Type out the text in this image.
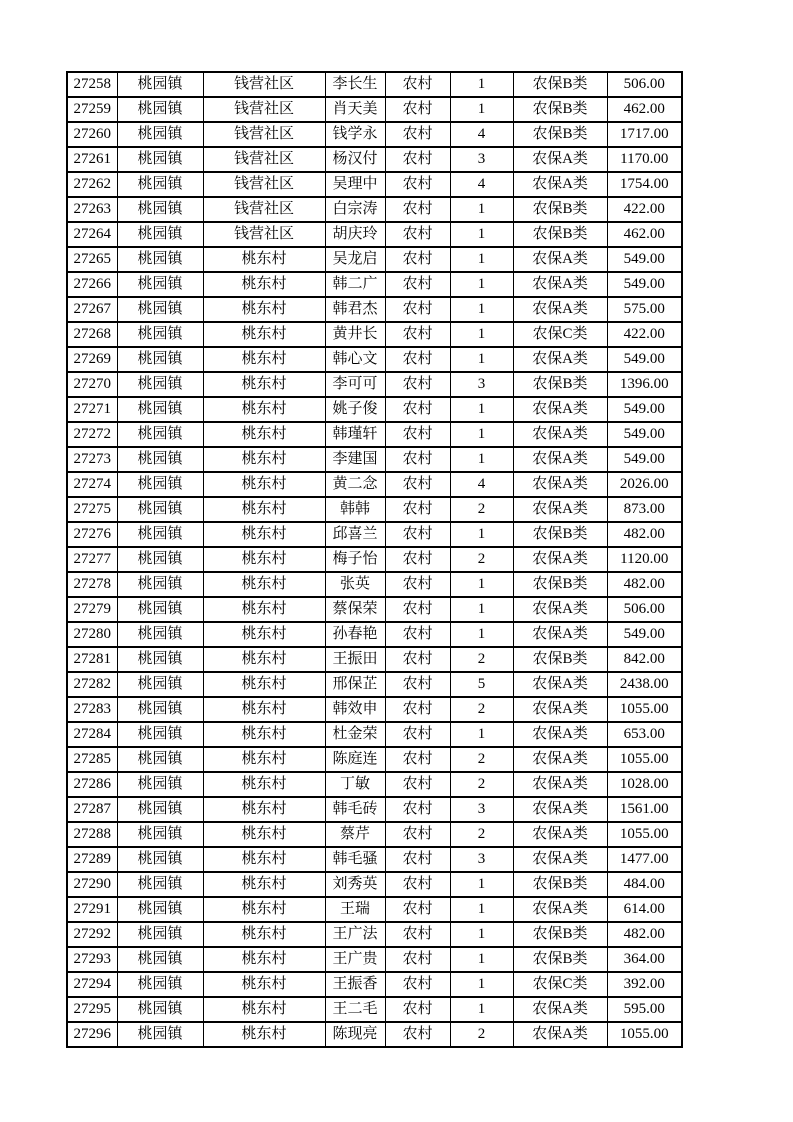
27258	桃园镇	钱营社区	李长生	农村	1	农保B类	506.00
27259	桃园镇	钱营社区	肖天美	农村	1	农保B类	462.00
27260	桃园镇	钱营社区	钱学永	农村	4	农保B类	1717.00
27261	桃园镇	钱营社区	杨汉付	农村	3	农保A类	1170.00
27262	桃园镇	钱营社区	吴理中	农村	4	农保A类	1754.00
27263	桃园镇	钱营社区	白宗涛	农村	1	农保B类	422.00
27264	桃园镇	钱营社区	胡庆玲	农村	1	农保B类	462.00
27265	桃园镇	桃东村	吴龙启	农村	1	农保A类	549.00
27266	桃园镇	桃东村	韩二广	农村	1	农保A类	549.00
27267	桃园镇	桃东村	韩君杰	农村	1	农保A类	575.00
27268	桃园镇	桃东村	黄井长	农村	1	农保C类	422.00
27269	桃园镇	桃东村	韩心文	农村	1	农保A类	549.00
27270	桃园镇	桃东村	李可可	农村	3	农保B类	1396.00
27271	桃园镇	桃东村	姚子俊	农村	1	农保A类	549.00
27272	桃园镇	桃东村	韩瑾轩	农村	1	农保A类	549.00
27273	桃园镇	桃东村	李建国	农村	1	农保A类	549.00
27274	桃园镇	桃东村	黄二念	农村	4	农保A类	2026.00
27275	桃园镇	桃东村	韩韩	农村	2	农保A类	873.00
27276	桃园镇	桃东村	邱喜兰	农村	1	农保B类	482.00
27277	桃园镇	桃东村	梅子怡	农村	2	农保A类	1120.00
27278	桃园镇	桃东村	张英	农村	1	农保B类	482.00
27279	桃园镇	桃东村	蔡保荣	农村	1	农保A类	506.00
27280	桃园镇	桃东村	孙春艳	农村	1	农保A类	549.00
27281	桃园镇	桃东村	王振田	农村	2	农保B类	842.00
27282	桃园镇	桃东村	邢保芷	农村	5	农保A类	2438.00
27283	桃园镇	桃东村	韩效申	农村	2	农保A类	1055.00
27284	桃园镇	桃东村	杜金荣	农村	1	农保A类	653.00
27285	桃园镇	桃东村	陈庭连	农村	2	农保A类	1055.00
27286	桃园镇	桃东村	丁敏	农村	2	农保A类	1028.00
27287	桃园镇	桃东村	韩毛砖	农村	3	农保A类	1561.00
27288	桃园镇	桃东村	蔡芹	农村	2	农保A类	1055.00
27289	桃园镇	桃东村	韩毛骚	农村	3	农保A类	1477.00
27290	桃园镇	桃东村	刘秀英	农村	1	农保B类	484.00
27291	桃园镇	桃东村	王瑞	农村	1	农保A类	614.00
27292	桃园镇	桃东村	王广法	农村	1	农保B类	482.00
27293	桃园镇	桃东村	王广贵	农村	1	农保B类	364.00
27294	桃园镇	桃东村	王振香	农村	1	农保C类	392.00
27295	桃园镇	桃东村	王二毛	农村	1	农保A类	595.00
27296	桃园镇	桃东村	陈现亮	农村	2	农保A类	1055.00
